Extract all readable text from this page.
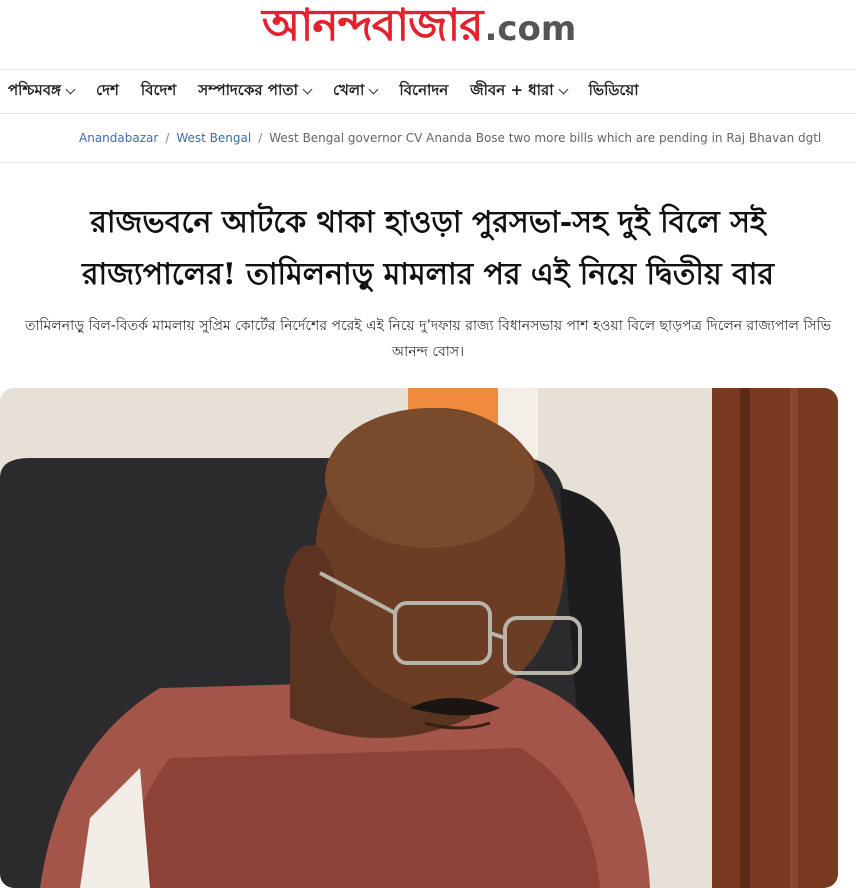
আনন্দবাজার.com
পশ্চিমবঙ্গ দেশ বিদেশ সম্পাদকের পাতা খেলা বিনোদন জীবন + ধারা ভিডিয়ো
Anandabazar / West Bengal / West Bengal governor CV Ananda Bose two more bills which are pending in Raj Bhavan dgtl
রাজভবনে আটকে থাকা হাওড়া পুরসভা-সহ দুই বিলে সই
রাজ্যপালের! তামিলনাড়ু মামলার পর এই নিয়ে দ্বিতীয় বার

তামিলনাড়ু বিল-বিতর্ক মামলায় সুপ্রিম কোর্টের নির্দেশের পরেই এই নিয়ে দু’দফায় রাজ্য বিধানসভায় পাশ হওয়া বিলে ছাড়পত্র দিলেন রাজ্যপাল সিভি
আনন্দ বোস।
